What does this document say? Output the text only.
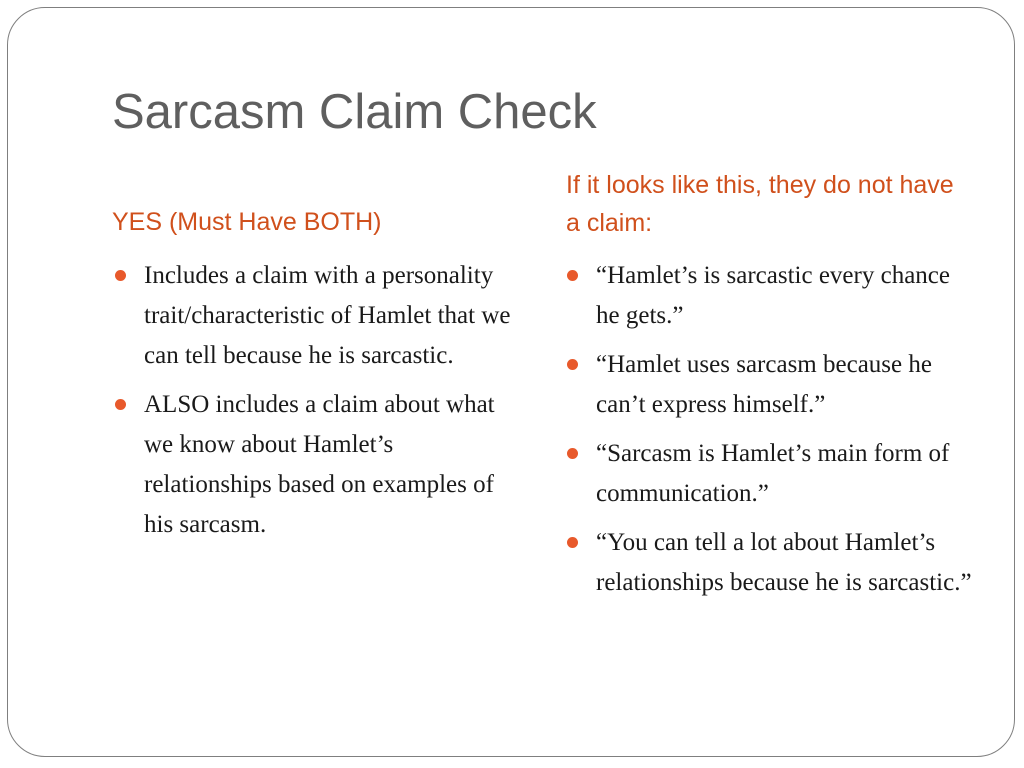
Sarcasm Claim Check
YES (Must Have BOTH)
If it looks like this, they do not have a claim:
Includes a claim with a personality trait/characteristic of Hamlet that we can tell because he is sarcastic.
ALSO includes a claim about what we know about Hamlet’s relationships based on examples of his sarcasm.
“Hamlet’s is sarcastic every chance he gets.”
“Hamlet uses sarcasm because he can’t express himself.”
“Sarcasm is Hamlet’s main form of communication.”
“You can tell a lot about Hamlet’s relationships because he is sarcastic.”
